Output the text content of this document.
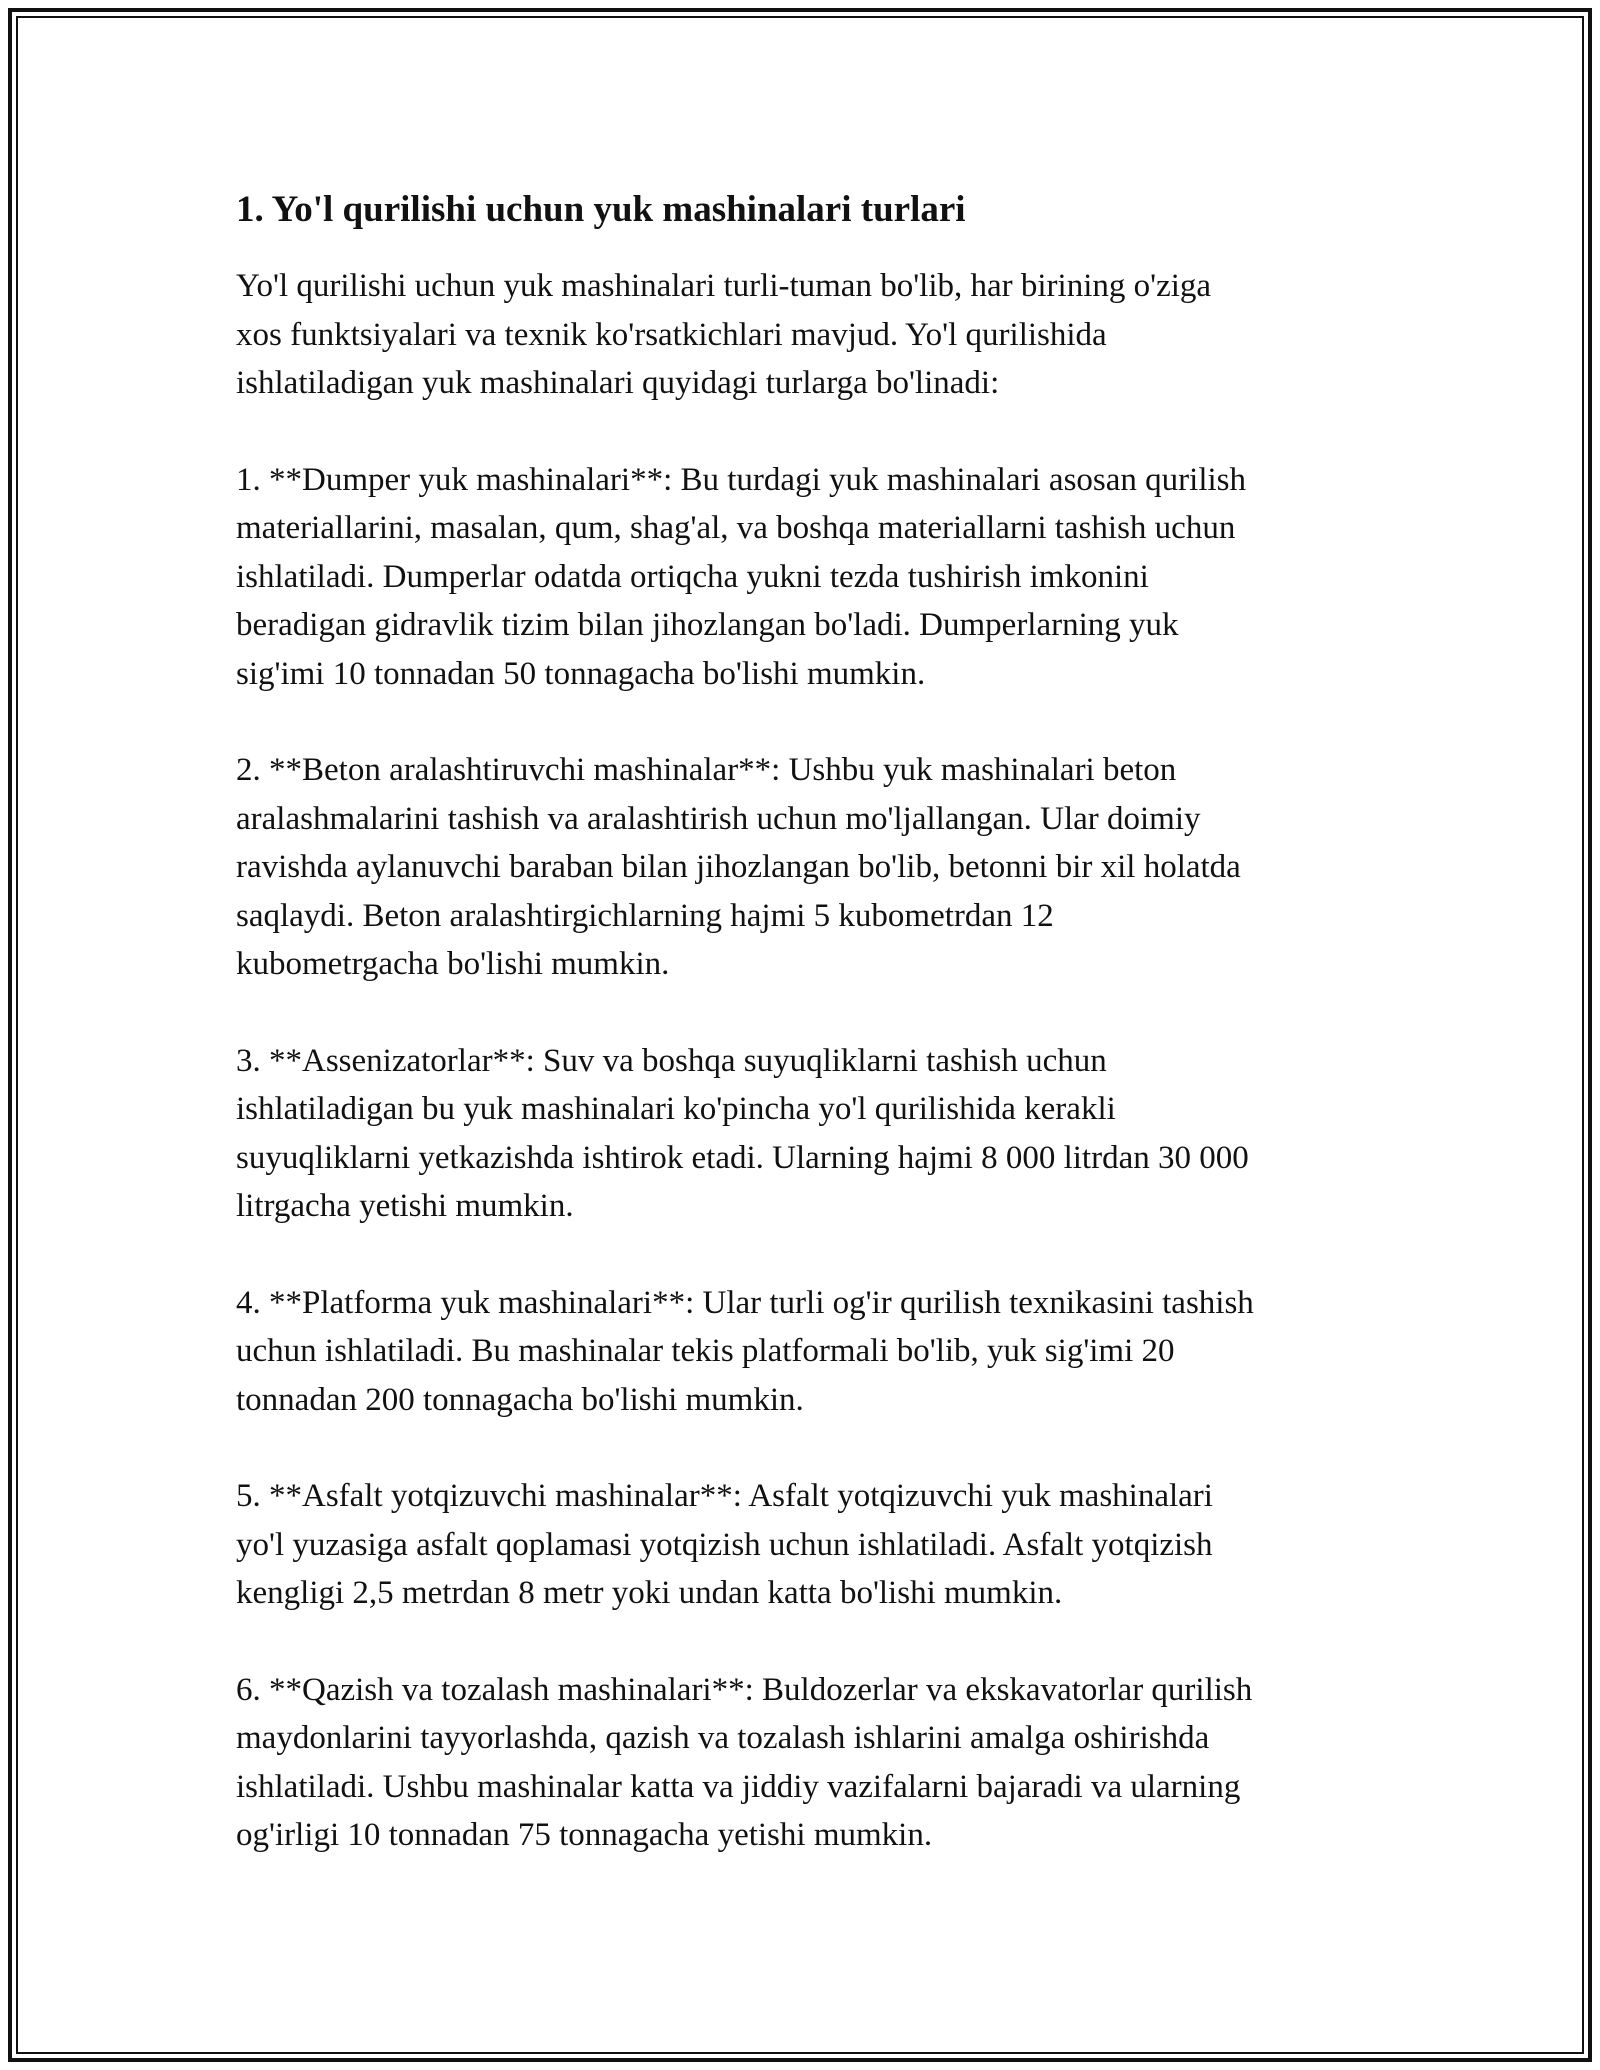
1. Yo'l qurilishi uchun yuk mashinalari turlari

Yo'l qurilishi uchun yuk mashinalari turli-tuman bo'lib, har birining o'ziga
xos funktsiyalari va texnik ko'rsatkichlari mavjud. Yo'l qurilishida
ishlatiladigan yuk mashinalari quyidagi turlarga bo'linadi:

1. **Dumper yuk mashinalari**: Bu turdagi yuk mashinalari asosan qurilish
materiallarini, masalan, qum, shag'al, va boshqa materiallarni tashish uchun
ishlatiladi. Dumperlar odatda ortiqcha yukni tezda tushirish imkonini
beradigan gidravlik tizim bilan jihozlangan bo'ladi. Dumperlarning yuk
sig'imi 10 tonnadan 50 tonnagacha bo'lishi mumkin.

2. **Beton aralashtiruvchi mashinalar**: Ushbu yuk mashinalari beton
aralashmalarini tashish va aralashtirish uchun mo'ljallangan. Ular doimiy
ravishda aylanuvchi baraban bilan jihozlangan bo'lib, betonni bir xil holatda
saqlaydi. Beton aralashtirgichlarning hajmi 5 kubometrdan 12
kubometrgacha bo'lishi mumkin.

3. **Assenizatorlar**: Suv va boshqa suyuqliklarni tashish uchun
ishlatiladigan bu yuk mashinalari ko'pincha yo'l qurilishida kerakli
suyuqliklarni yetkazishda ishtirok etadi. Ularning hajmi 8 000 litrdan 30 000
litrgacha yetishi mumkin.

4. **Platforma yuk mashinalari**: Ular turli og'ir qurilish texnikasini tashish
uchun ishlatiladi. Bu mashinalar tekis platformali bo'lib, yuk sig'imi 20
tonnadan 200 tonnagacha bo'lishi mumkin.

5. **Asfalt yotqizuvchi mashinalar**: Asfalt yotqizuvchi yuk mashinalari
yo'l yuzasiga asfalt qoplamasi yotqizish uchun ishlatiladi. Asfalt yotqizish
kengligi 2,5 metrdan 8 metr yoki undan katta bo'lishi mumkin.

6. **Qazish va tozalash mashinalari**: Buldozerlar va ekskavatorlar qurilish
maydonlarini tayyorlashda, qazish va tozalash ishlarini amalga oshirishda
ishlatiladi. Ushbu mashinalar katta va jiddiy vazifalarni bajaradi va ularning
og'irligi 10 tonnadan 75 tonnagacha yetishi mumkin.
